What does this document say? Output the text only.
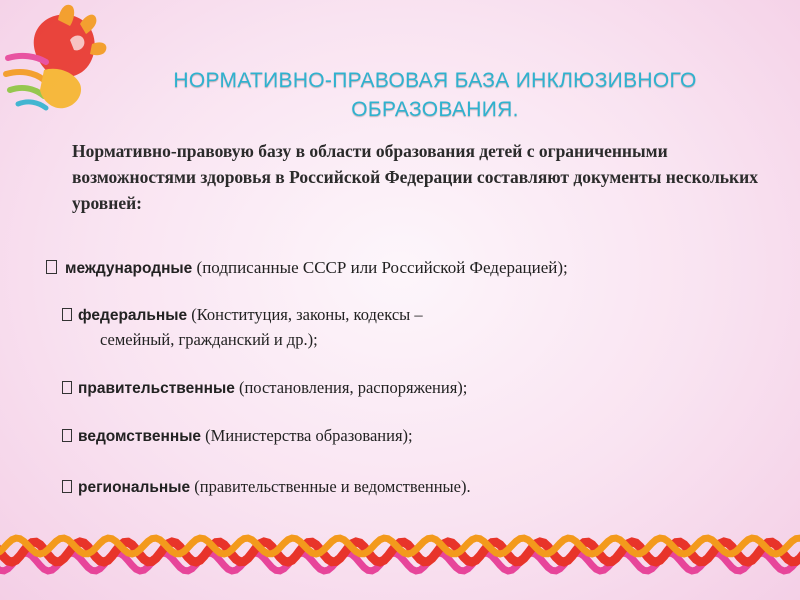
НОРМАТИВНО-ПРАВОВАЯ БАЗА ИНКЛЮЗИВНОГО
ОБРАЗОВАНИЯ.
Нормативно-правовую базу в области образования детей с ограниченными возможностями здоровья в Российской Федерации составляют документы нескольких уровней:
международные (подписанные СССР или Российской Федерацией);
федеральные (Конституция, законы, кодексы –
семейный, гражданский и др.);
правительственные (постановления, распоряжения);
ведомственные (Министерства образования);
региональные (правительственные и ведомственные).
